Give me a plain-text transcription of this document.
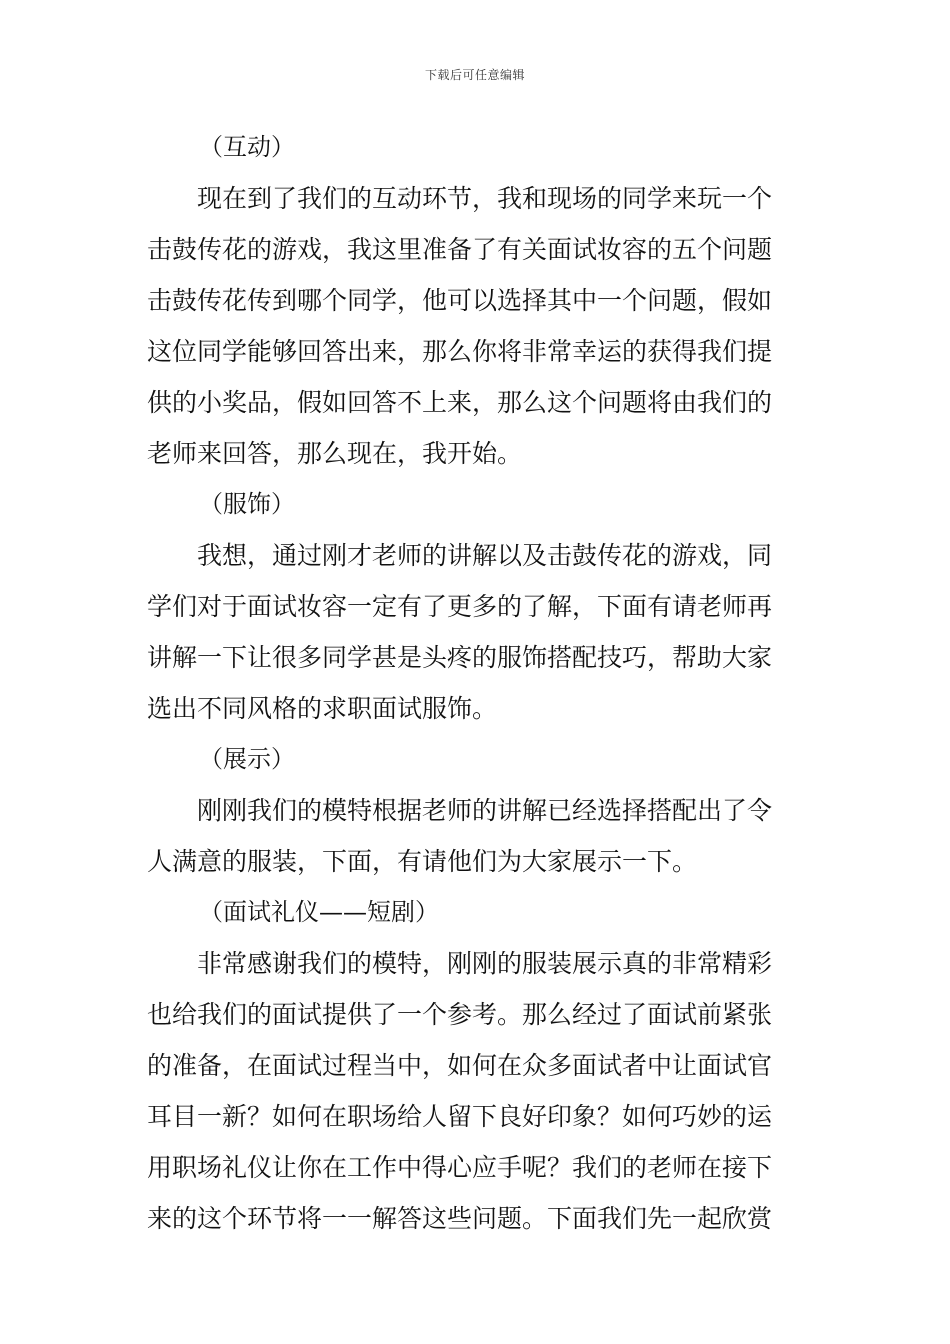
下载后可任意编辑
（互动）
现在到了我们的互动环节，我和现场的同学来玩一个
击鼓传花的游戏，我这里准备了有关面试妆容的五个问题
击鼓传花传到哪个同学，他可以选择其中一个问题，假如
这位同学能够回答出来，那么你将非常幸运的获得我们提
供的小奖品，假如回答不上来，那么这个问题将由我们的
老师来回答，那么现在，我开始。
（服饰）
我想，通过刚才老师的讲解以及击鼓传花的游戏，同
学们对于面试妆容一定有了更多的了解，下面有请老师再
讲解一下让很多同学甚是头疼的服饰搭配技巧，帮助大家
选出不同风格的求职面试服饰。
（展示）
刚刚我们的模特根据老师的讲解已经选择搭配出了令
人满意的服装，下面，有请他们为大家展示一下。
（面试礼仪——短剧）
非常感谢我们的模特，刚刚的服装展示真的非常精彩
也给我们的面试提供了一个参考。那么经过了面试前紧张
的准备，在面试过程当中，如何在众多面试者中让面试官
耳目一新？如何在职场给人留下良好印象？如何巧妙的运
用职场礼仪让你在工作中得心应手呢？我们的老师在接下
来的这个环节将一一解答这些问题。下面我们先一起欣赏
